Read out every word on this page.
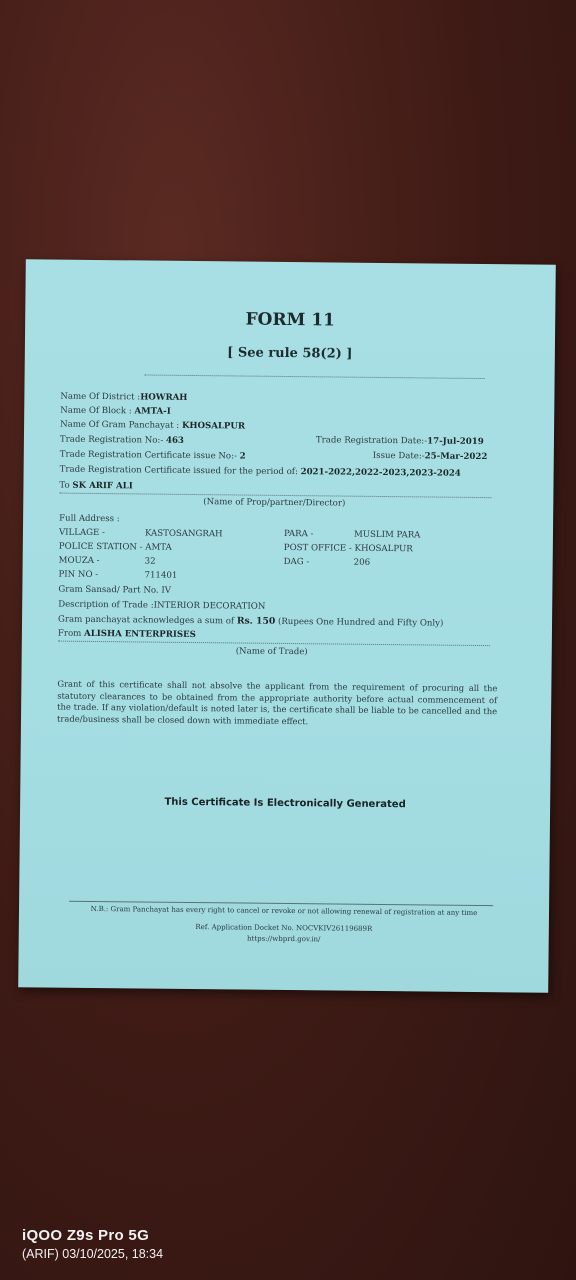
FORM 11
[ See rule 58(2) ]
Name Of District :HOWRAH
Name Of Block : AMTA-I
Name Of Gram Panchayat : KHOSALPUR
Trade Registration No:- 463	Trade Registration Date:-17-Jul-2019
Trade Registration Certificate issue No:- 2	Issue Date:-25-Mar-2022
Trade Registration Certificate issued for the period of: 2021-2022,2022-2023,2023-2024
To SK ARIF ALI
(Name of Prop/partner/Director)
Full Address :
VILLAGE -	KASTOSANGRAH	PARA -	MUSLIM PARA
POLICE STATION - AMTA	POST OFFICE - KHOSALPUR
MOUZA -	32	DAG -	206
PIN NO -	711401
Gram Sansad/ Part No. IV
Description of Trade :INTERIOR DECORATION
Gram panchayat acknowledges a sum of Rs. 150 (Rupees One Hundred and Fifty Only)
From ALISHA ENTERPRISES
(Name of Trade)
Grant of this certificate shall not absolve the applicant from the requirement of procuring all the statutory clearances to be obtained from the appropriate authority before actual commencement of the trade. If any violation/default is noted later is, the certificate shall be liable to be cancelled and the trade/business shall be closed down with immediate effect.
This Certificate Is Electronically Generated
N.B.: Gram Panchayat has every right to cancel or revoke or not allowing renewal of registration at any time
Ref. Application Docket No. NOCVKIV26119689R
https://wbprd.gov.in/
iQOO Z9s Pro 5G
(ARIF) 03/10/2025, 18:34
